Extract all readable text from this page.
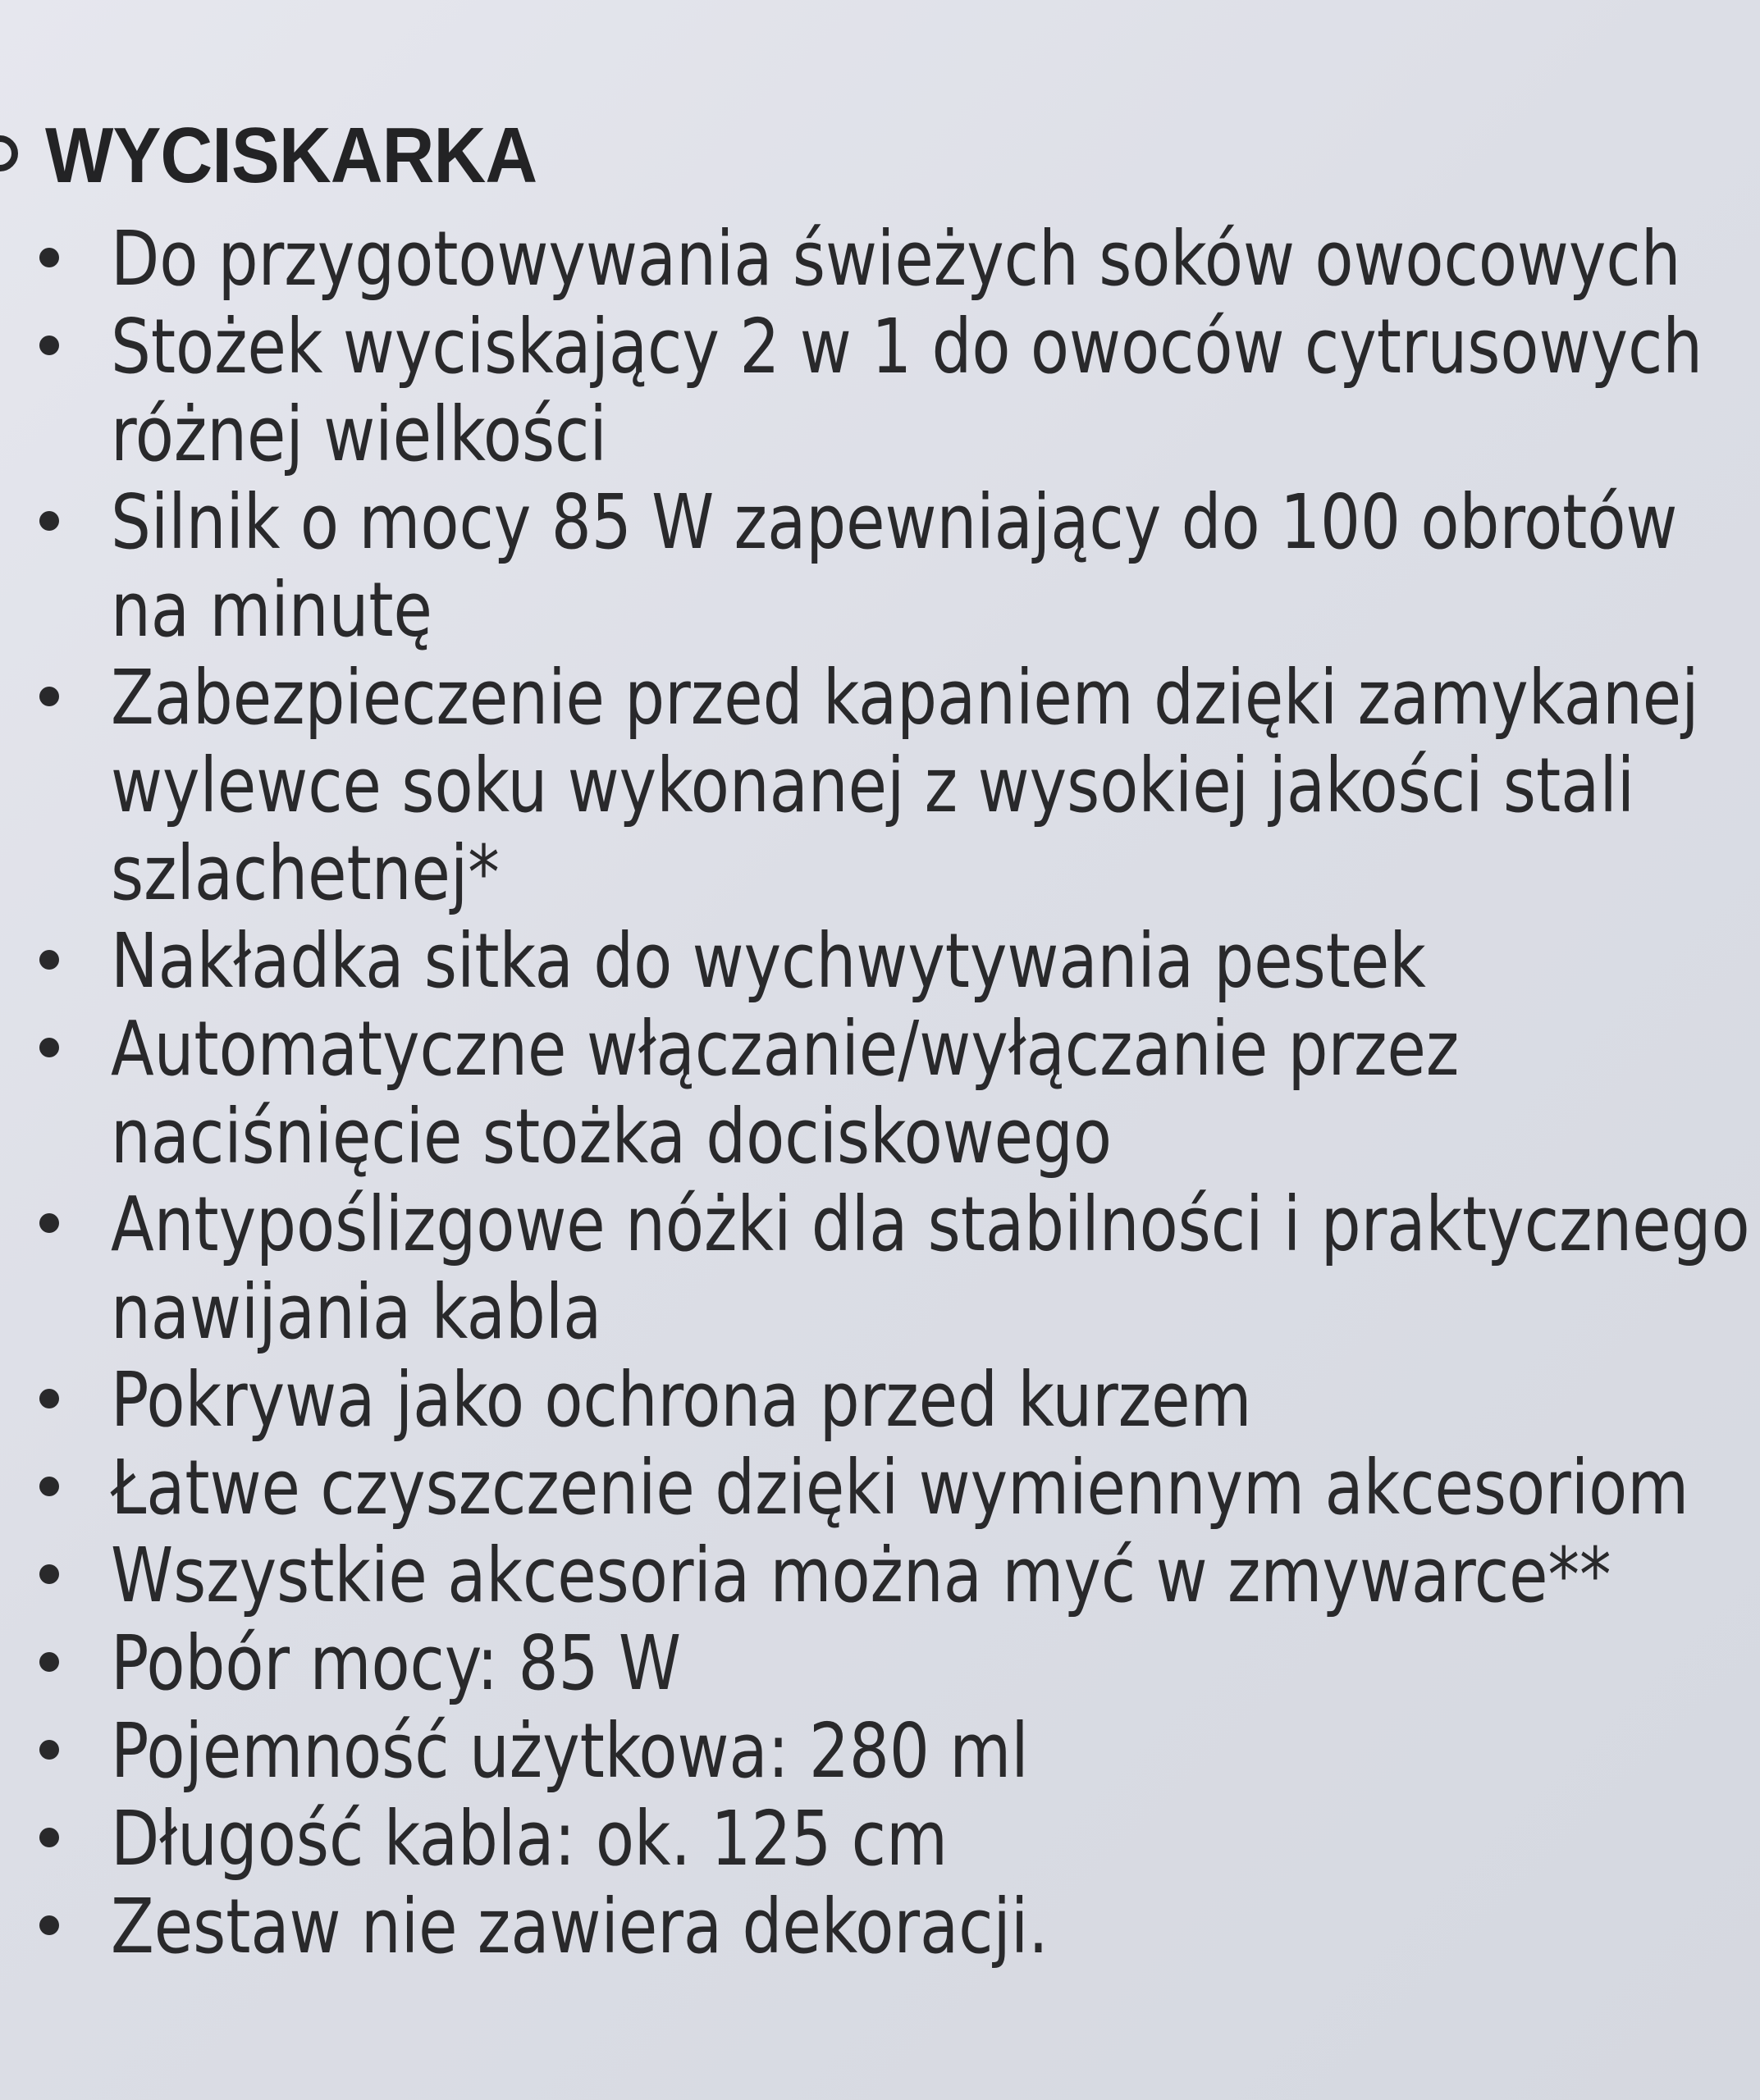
WYCISKARKA
Do przygotowywania świeżych soków owocowych
Stożek wyciskający 2 w 1 do owoców cytrusowych
różnej wielkości
Silnik o mocy 85 W zapewniający do 100 obrotów
na minutę
Zabezpieczenie przed kapaniem dzięki zamykanej
wylewce soku wykonanej z wysokiej jakości stali
szlachetnej*
Nakładka sitka do wychwytywania pestek
Automatyczne włączanie/wyłączanie przez
naciśnięcie stożka dociskowego
Antypoślizgowe nóżki dla stabilności i praktycznego
nawijania kabla
Pokrywa jako ochrona przed kurzem
Łatwe czyszczenie dzięki wymiennym akcesoriom
Wszystkie akcesoria można myć w zmywarce**
Pobór mocy: 85 W
Pojemność użytkowa: 280 ml
Długość kabla: ok. 125 cm
Zestaw nie zawiera dekoracji.
